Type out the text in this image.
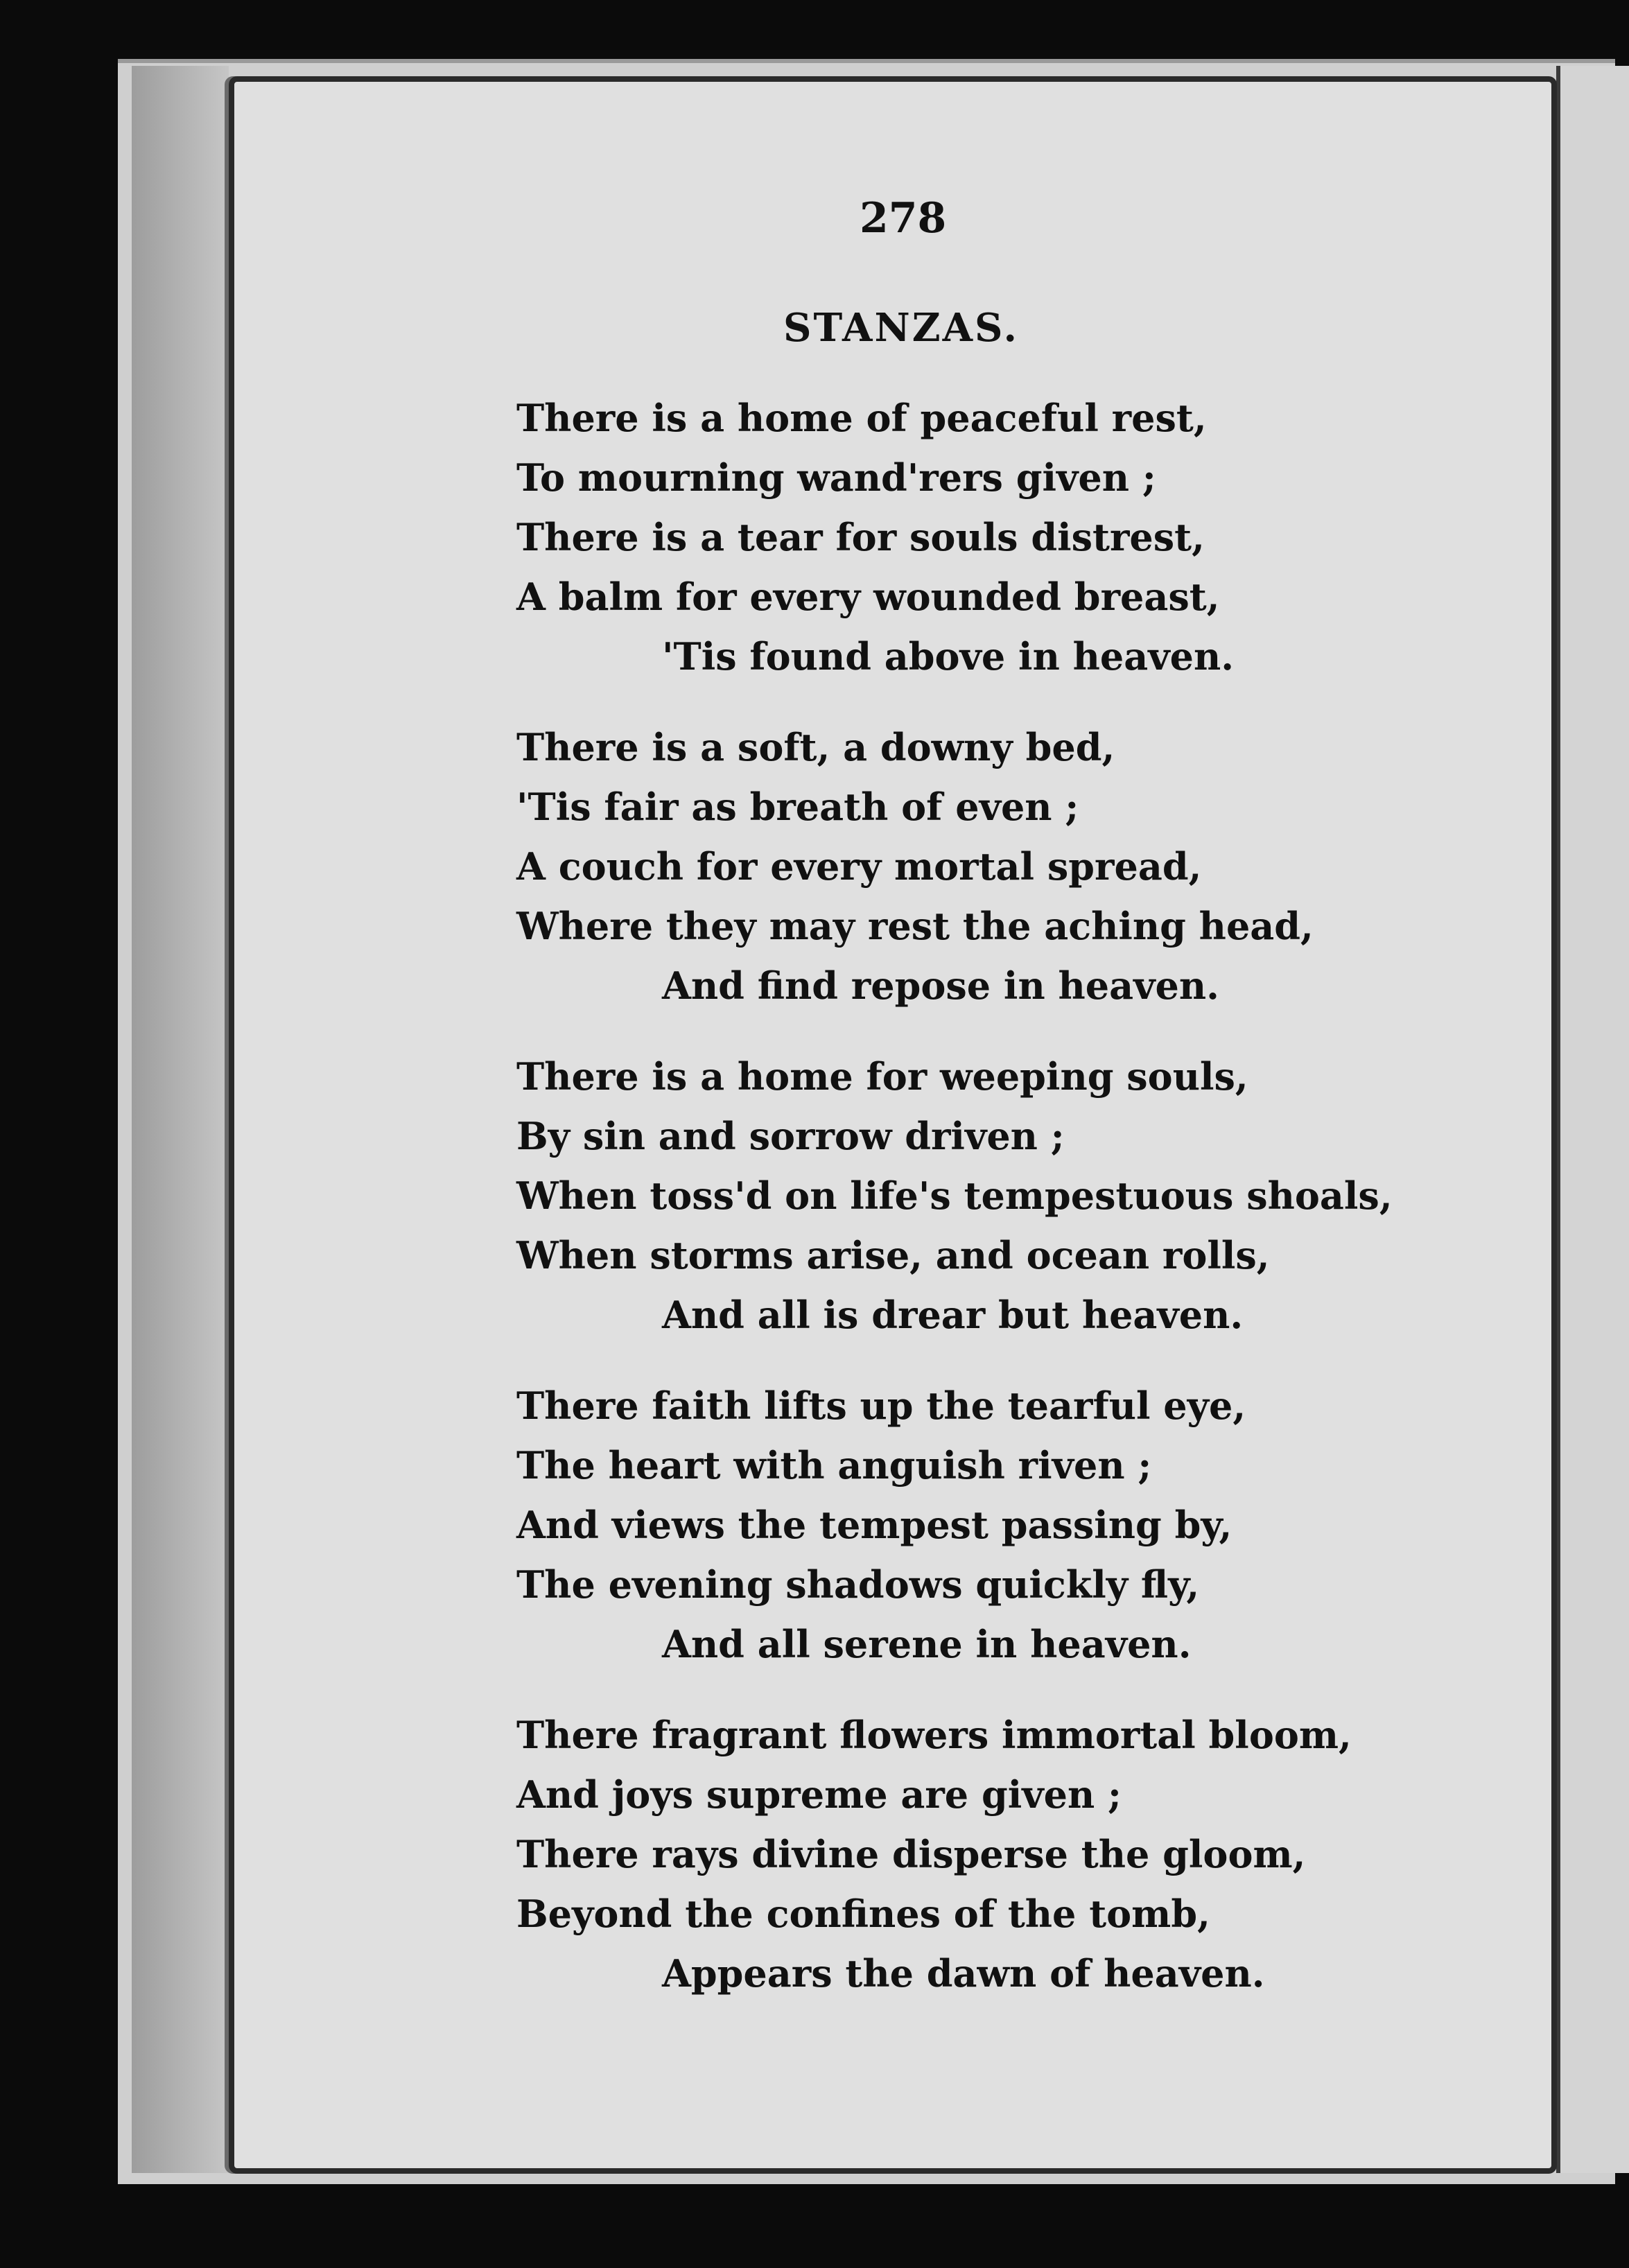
278
STANZAS.
There is a home of peaceful rest,
To mourning wand'rers given ;
There is a tear for souls distrest,
A balm for every wounded breast,
'Tis found above in heaven.
There is a soft, a downy bed,
'Tis fair as breath of even ;
A couch for every mortal spread,
Where they may rest the aching head,
And find repose in heaven.
There is a home for weeping souls,
By sin and sorrow driven ;
When toss'd on life's tempestuous shoals,
When storms arise, and ocean rolls,
And all is drear but heaven.
There faith lifts up the tearful eye,
The heart with anguish riven ;
And views the tempest passing by,
The evening shadows quickly fly,
And all serene in heaven.
There fragrant flowers immortal bloom,
And joys supreme are given ;
There rays divine disperse the gloom,
Beyond the confines of the tomb,
Appears the dawn of heaven.
